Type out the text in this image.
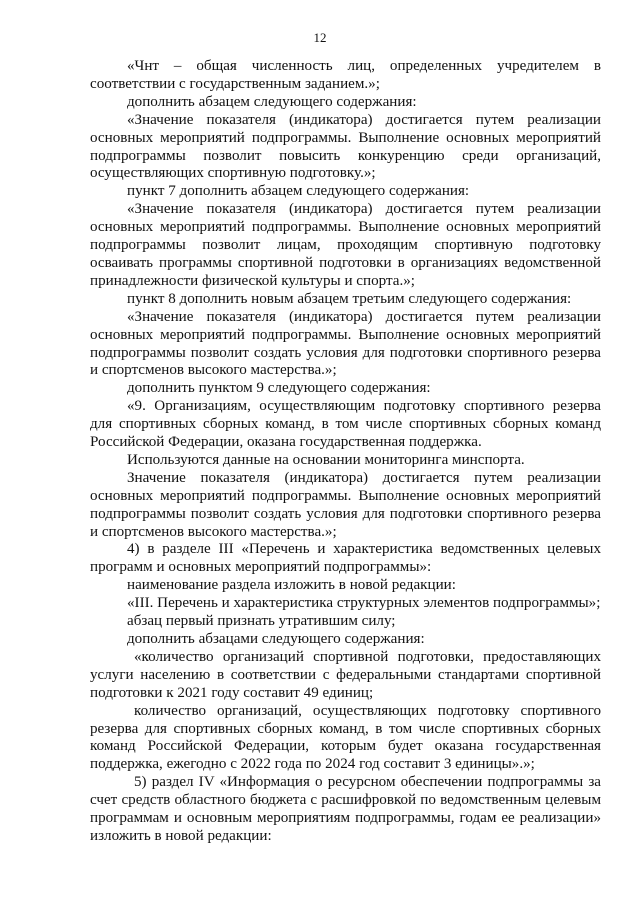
12

«Чнт – общая численность лиц, определенных учредителем в соответствии с государственным заданием.»;

дополнить абзацем следующего содержания:

«Значение показателя (индикатора) достигается путем реализации основных мероприятий подпрограммы. Выполнение основных мероприятий подпрограммы позволит повысить конкуренцию среди организаций, осуществляющих спортивную подготовку.»;

пункт 7 дополнить абзацем следующего содержания:

«Значение показателя (индикатора) достигается путем реализации основных мероприятий подпрограммы. Выполнение основных мероприятий подпрограммы позволит лицам, проходящим спортивную подготовку осваивать программы спортивной подготовки в организациях ведомственной принадлежности физической культуры и спорта.»;

пункт 8 дополнить новым абзацем третьим следующего содержания:

«Значение показателя (индикатора) достигается путем реализации основных мероприятий подпрограммы. Выполнение основных мероприятий подпрограммы позволит создать условия для подготовки спортивного резерва и спортсменов высокого мастерства.»;

дополнить пунктом 9 следующего содержания:

«9. Организациям, осуществляющим подготовку спортивного резерва для спортивных сборных команд, в том числе спортивных сборных команд Российской Федерации, оказана государственная поддержка.

Используются данные на основании мониторинга минспорта.

Значение показателя (индикатора) достигается путем реализации основных мероприятий подпрограммы. Выполнение основных мероприятий подпрограммы позволит создать условия для подготовки спортивного резерва и спортсменов высокого мастерства.»;

4) в разделе III «Перечень и характеристика ведомственных целевых программ и основных мероприятий подпрограммы»:

наименование раздела изложить в новой редакции:

«III. Перечень и характеристика структурных элементов подпрограммы»;

абзац первый признать утратившим силу;

дополнить абзацами следующего содержания:

«количество организаций спортивной подготовки, предоставляющих услуги населению в соответствии с федеральными стандартами спортивной подготовки к 2021 году составит 49 единиц;

количество организаций, осуществляющих подготовку спортивного резерва для спортивных сборных команд, в том числе спортивных сборных команд Российской Федерации, которым будет оказана государственная поддержка, ежегодно с 2022 года по 2024 год составит 3 единицы».»;

5) раздел IV «Информация о ресурсном обеспечении подпрограммы за счет средств областного бюджета с расшифровкой по ведомственным целевым программам и основным мероприятиям подпрограммы, годам ее реализации» изложить в новой редакции:
